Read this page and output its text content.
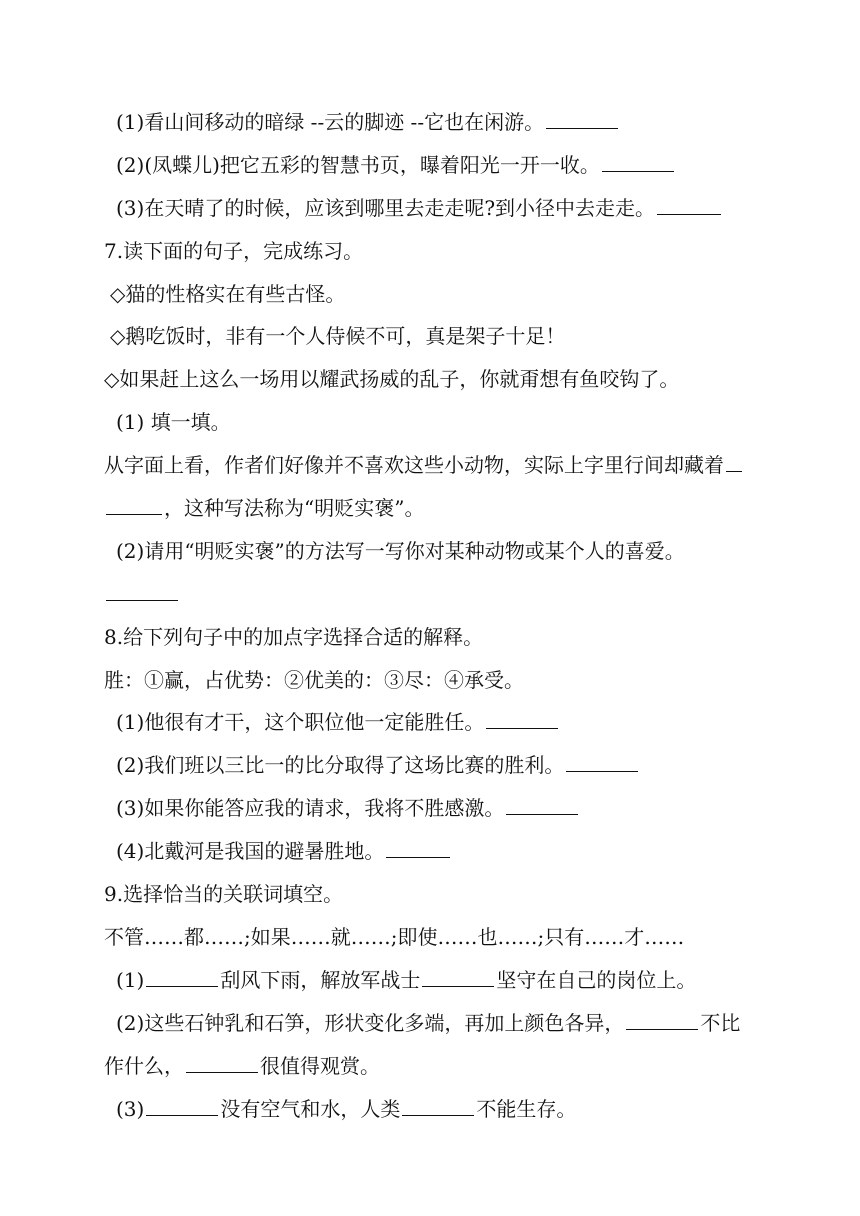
(1)看山间移动的暗绿 --云的脚迹 --它也在闲游。
(2)(凤蝶儿)把它五彩的智慧书页，曝着阳光一开一收。
(3)在天晴了的时候，应该到哪里去走走呢?到小径中去走走。
7.读下面的句子，完成练习。
◇猫的性格实在有些古怪。
◇鹅吃饭时，非有一个人侍候不可，真是架子十足！
◇如果赶上这么一场用以耀武扬威的乱子，你就甭想有鱼咬钩了。
(1) 填一填。
从字面上看，作者们好像并不喜欢这些小动物，实际上字里行间却藏着
，这种写法称为“明贬实褒”。
(2)请用“明贬实褒”的方法写一写你对某种动物或某个人的喜爱。
8.给下列句子中的加点字选择合适的解释。
胜：①赢，占优势：②优美的：③尽：④承受。
(1)他很有才干，这个职位他一定能胜任。
(2)我们班以三比一的比分取得了这场比赛的胜利。
(3)如果你能答应我的请求，我将不胜感激。
(4)北戴河是我国的避暑胜地。
9.选择恰当的关联词填空。
不管……都……;如果……就……;即使……也……;只有……才……
(1)	刮风下雨，解放军战士	坚守在自己的岗位上。
(2)这些石钟乳和石笋，形状变化多端，再加上颜色各异，	不比
作什么，	很值得观赏。
(3)	没有空气和水，人类	不能生存。
